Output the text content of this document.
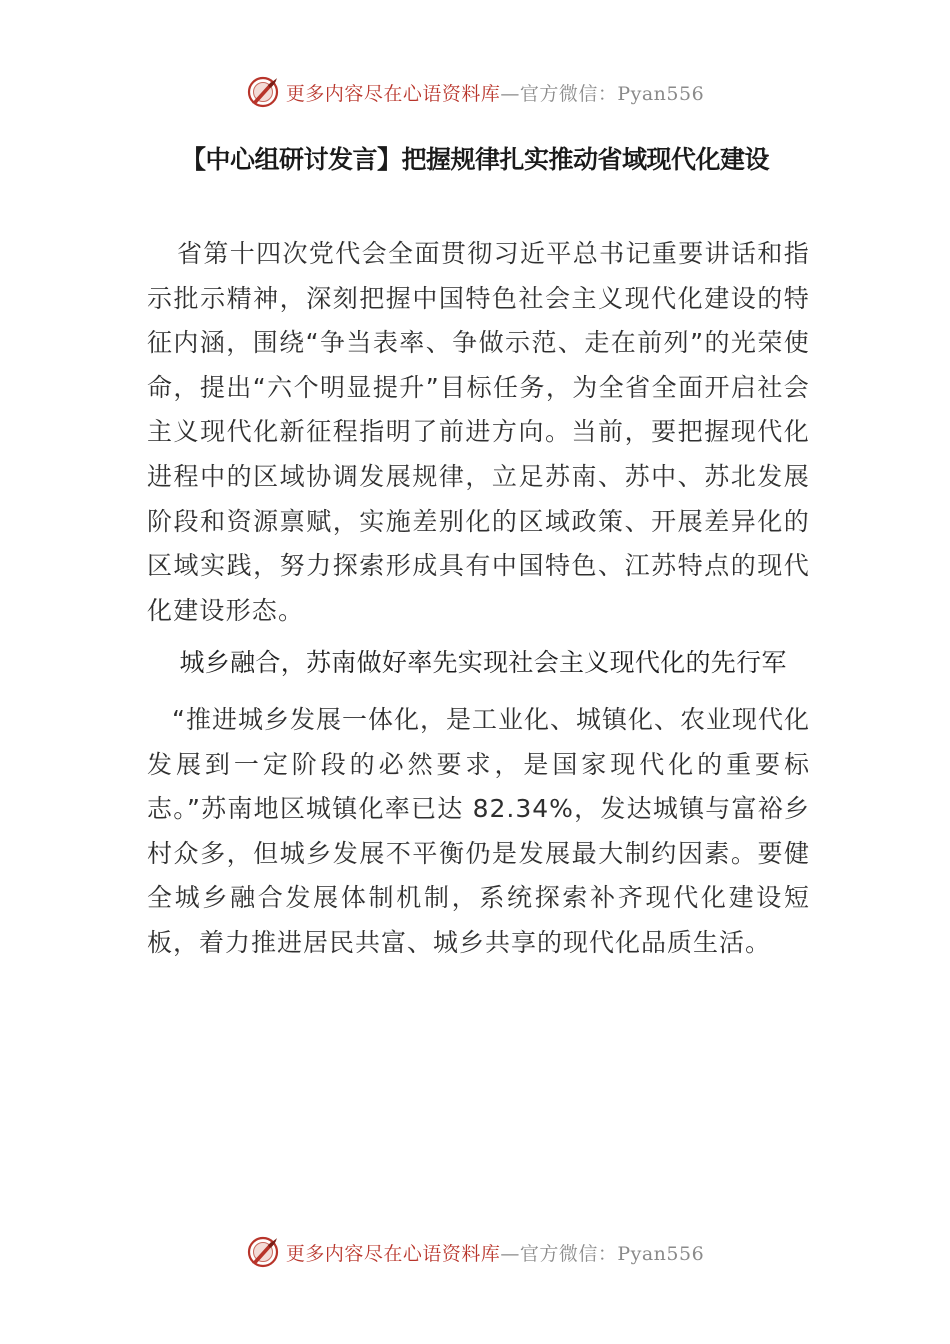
更多内容尽在心语资料库—官方微信：Pyan556
【中心组研讨发言】把握规律扎实推动省域现代化建设

省第十四次党代会全面贯彻习近平总书记重要讲话和指示批示精神，深刻把握中国特色社会主义现代化建设的特征内涵，围绕“争当表率、争做示范、走在前列”的光荣使命，提出“六个明显提升”目标任务，为全省全面开启社会主义现代化新征程指明了前进方向。当前，要把握现代化进程中的区域协调发展规律，立足苏南、苏中、苏北发展阶段和资源禀赋，实施差别化的区域政策、开展差异化的区域实践，努力探索形成具有中国特色、江苏特点的现代化建设形态。

城乡融合，苏南做好率先实现社会主义现代化的先行军

“推进城乡发展一体化，是工业化、城镇化、农业现代化发展到一定阶段的必然要求，是国家现代化的重要标志。”苏南地区城镇化率已达 82.34%，发达城镇与富裕乡村众多，但城乡发展不平衡仍是发展最大制约因素。要健全城乡融合发展体制机制，系统探索补齐现代化建设短板，着力推进居民共富、城乡共享的现代化品质生活。

更多内容尽在心语资料库—官方微信：Pyan556
